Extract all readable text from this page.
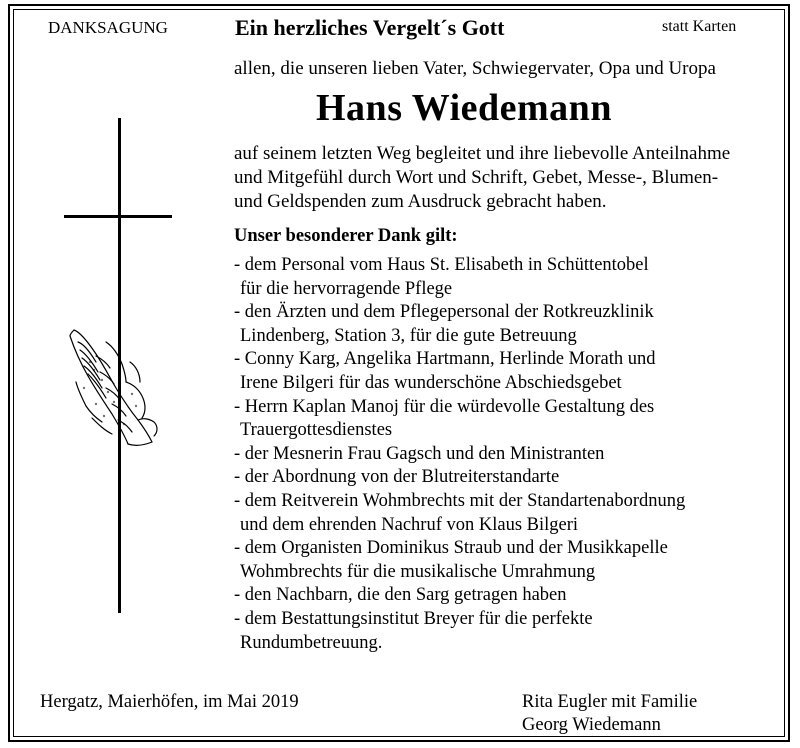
DANKSAGUNG	Ein herzliches Vergelt´s Gott	statt Karten
allen, die unseren lieben Vater, Schwiegervater, Opa und Uropa
Hans Wiedemann
auf seinem letzten Weg begleitet und ihre liebevolle Anteilnahme
und Mitgefühl durch Wort und Schrift, Gebet, Messe-, Blumen-
und Geldspenden zum Ausdruck gebracht haben.
Unser besonderer Dank gilt:
- dem Personal vom Haus St. Elisabeth in Schüttentobel
für die hervorragende Pflege
- den Ärzten und dem Pflegepersonal der Rotkreuzklinik
Lindenberg, Station 3, für die gute Betreuung
- Conny Karg, Angelika Hartmann, Herlinde Morath und
Irene Bilgeri für das wunderschöne Abschiedsgebet
- Herrn Kaplan Manoj für die würdevolle Gestaltung des
Trauergottesdienstes
- der Mesnerin Frau Gagsch und den Ministranten
- der Abordnung von der Blutreiterstandarte
- dem Reitverein Wohmbrechts mit der Standartenabordnung
und dem ehrenden Nachruf von Klaus Bilgeri
- dem Organisten Dominikus Straub und der Musikkapelle
Wohmbrechts für die musikalische Umrahmung
- den Nachbarn, die den Sarg getragen haben
- dem Bestattungsinstitut Breyer für die perfekte
Rundumbetreuung.
Hergatz, Maierhöfen, im Mai 2019	Rita Eugler mit Familie
Georg Wiedemann
